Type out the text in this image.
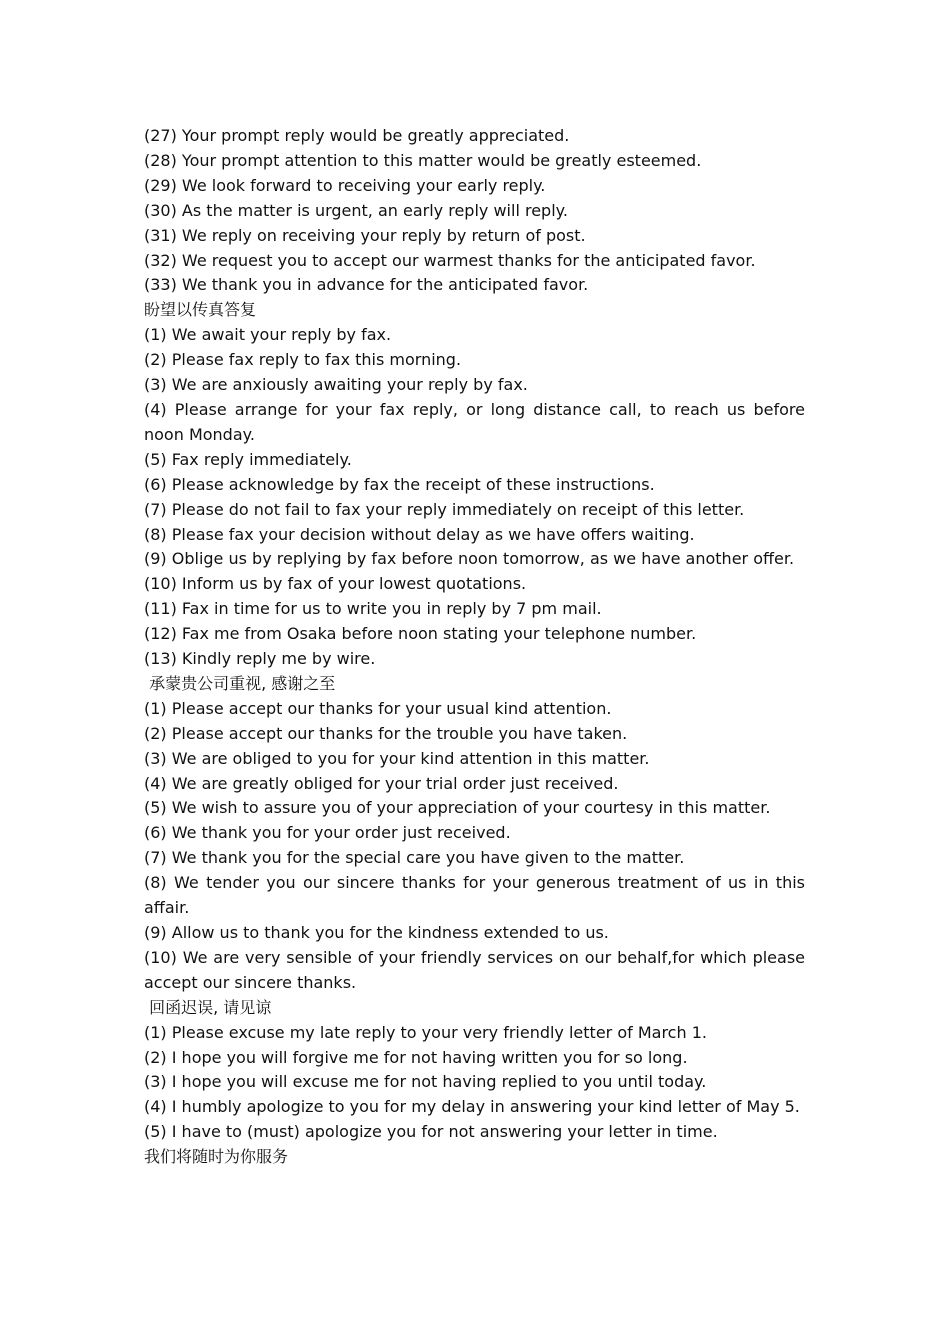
(27) Your prompt reply would be greatly appreciated.

(28) Your prompt attention to this matter would be greatly esteemed.

(29) We look forward to receiving your early reply.

(30) As the matter is urgent, an early reply will reply.

(31) We reply on receiving your reply by return of post.

(32) We request you to accept our warmest thanks for the anticipated favor.

(33) We thank you in advance for the anticipated favor.

盼望以传真答复

(1) We await your reply by fax.

(2) Please fax reply to fax this morning.

(3) We are anxiously awaiting your reply by fax.

(4) Please arrange for your fax reply, or long distance call, to reach us before noon Monday.

(5) Fax reply immediately.

(6) Please acknowledge by fax the receipt of these instructions.

(7) Please do not fail to fax your reply immediately on receipt of this letter.

(8) Please fax your decision without delay as we have offers waiting.

(9) Oblige us by replying by fax before noon tomorrow, as we have another offer.

(10) Inform us by fax of your lowest quotations.

(11) Fax in time for us to write you in reply by 7 pm mail.

(12) Fax me from Osaka before noon stating your telephone number.

(13) Kindly reply me by wire.

承蒙贵公司重视, 感谢之至

(1) Please accept our thanks for your usual kind attention.

(2) Please accept our thanks for the trouble you have taken.

(3) We are obliged to you for your kind attention in this matter.

(4) We are greatly obliged for your trial order just received.

(5) We wish to assure you of your appreciation of your courtesy in this matter.

(6) We thank you for your order just received.

(7) We thank you for the special care you have given to the matter.

(8) We tender you our sincere thanks for your generous treatment of us in this affair.

(9) Allow us to thank you for the kindness extended to us.

(10) We are very sensible of your friendly services on our behalf,for which please accept our sincere thanks.

回函迟误, 请见谅

(1) Please excuse my late reply to your very friendly letter of March 1.

(2) I hope you will forgive me for not having written you for so long.

(3) I hope you will excuse me for not having replied to you until today.

(4) I humbly apologize to you for my delay in answering your kind letter of May 5.

(5) I have to (must) apologize you for not answering your letter in time.

我们将随时为你服务
